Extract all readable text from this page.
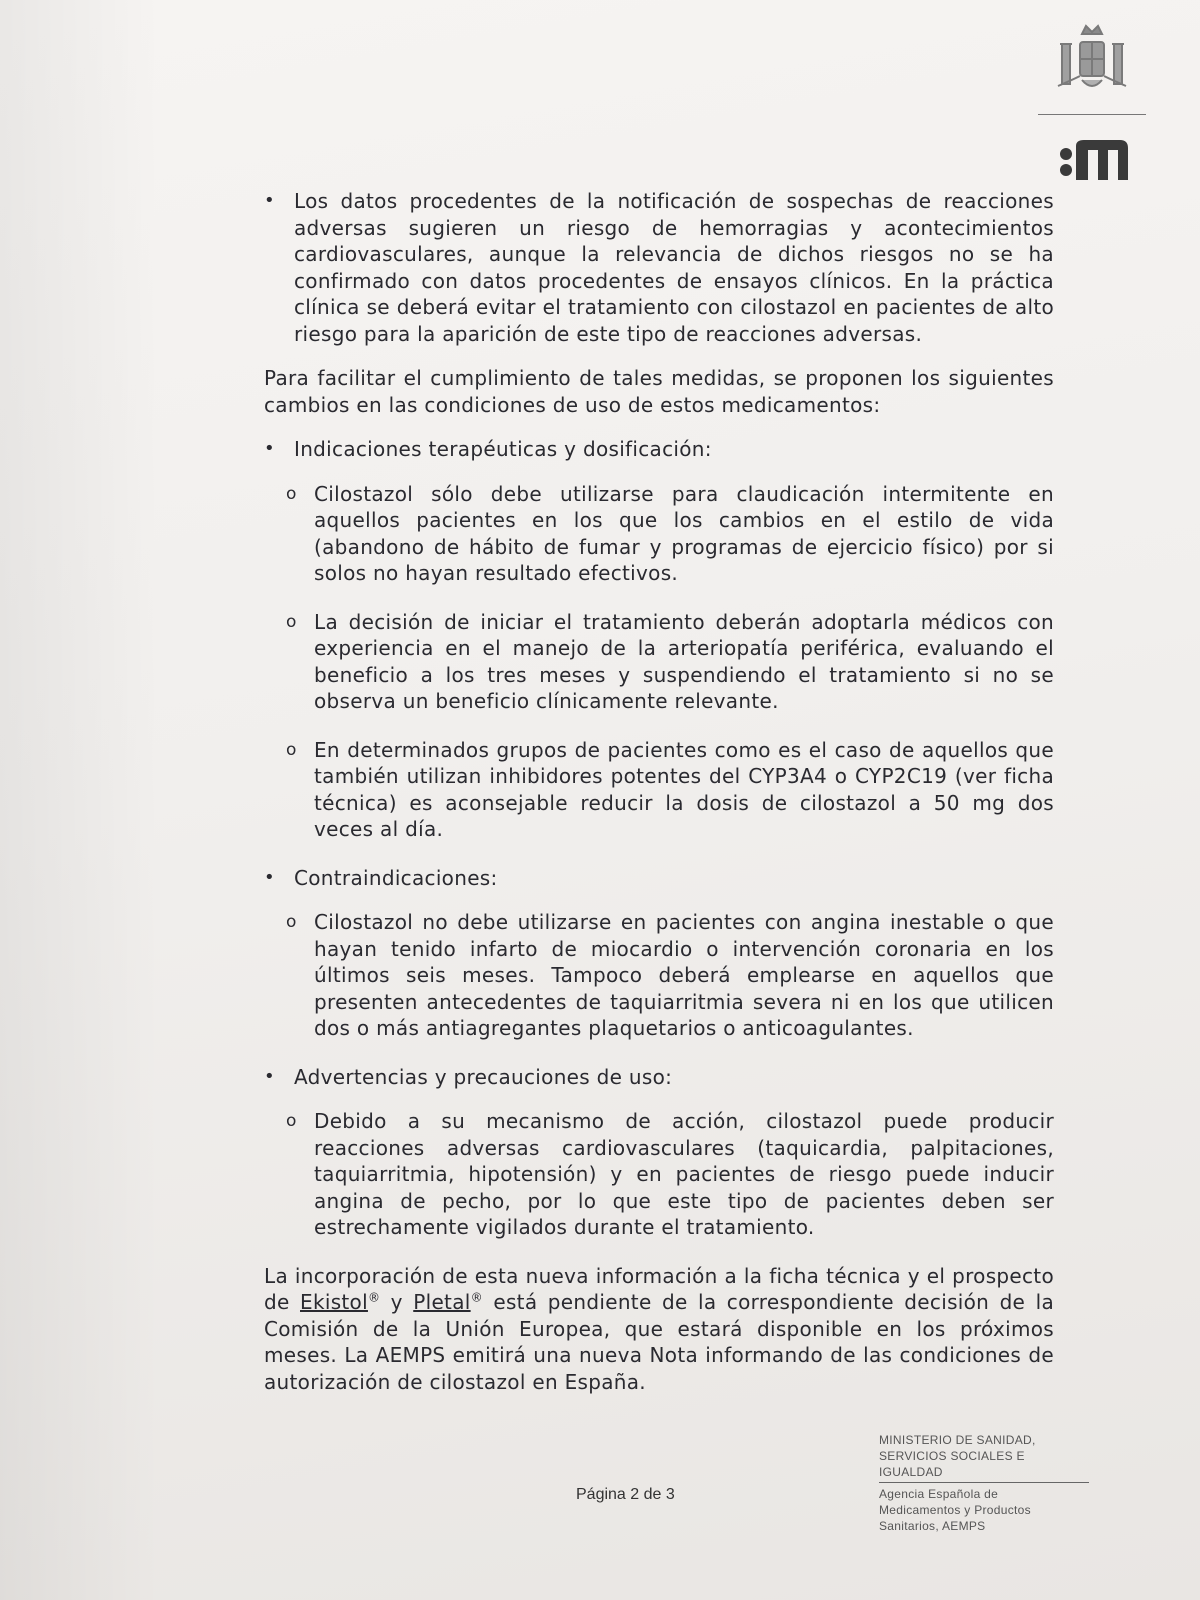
• Los datos procedentes de la notificación de sospechas de reacciones adversas sugieren un riesgo de hemorragias y acontecimientos cardiovasculares, aunque la relevancia de dichos riesgos no se ha confirmado con datos procedentes de ensayos clínicos. En la práctica clínica se deberá evitar el tratamiento con cilostazol en pacientes de alto riesgo para la aparición de este tipo de reacciones adversas.

Para facilitar el cumplimiento de tales medidas, se proponen los siguientes cambios en las condiciones de uso de estos medicamentos:

• Indicaciones terapéuticas y dosificación:

o Cilostazol sólo debe utilizarse para claudicación intermitente en aquellos pacientes en los que los cambios en el estilo de vida (abandono de hábito de fumar y programas de ejercicio físico) por si solos no hayan resultado efectivos.

o La decisión de iniciar el tratamiento deberán adoptarla médicos con experiencia en el manejo de la arteriopatía periférica, evaluando el beneficio a los tres meses y suspendiendo el tratamiento si no se observa un beneficio clínicamente relevante.

o En determinados grupos de pacientes como es el caso de aquellos que también utilizan inhibidores potentes del CYP3A4 o CYP2C19 (ver ficha técnica) es aconsejable reducir la dosis de cilostazol a 50 mg dos veces al día.

• Contraindicaciones:

o Cilostazol no debe utilizarse en pacientes con angina inestable o que hayan tenido infarto de miocardio o intervención coronaria en los últimos seis meses. Tampoco deberá emplearse en aquellos que presenten antecedentes de taquiarritmia severa ni en los que utilicen dos o más antiagregantes plaquetarios o anticoagulantes.

• Advertencias y precauciones de uso:

o Debido a su mecanismo de acción, cilostazol puede producir reacciones adversas cardiovasculares (taquicardia, palpitaciones, taquiarritmia, hipotensión) y en pacientes de riesgo puede inducir angina de pecho, por lo que este tipo de pacientes deben ser estrechamente vigilados durante el tratamiento.

La incorporación de esta nueva información a la ficha técnica y el prospecto de Ekistol® y Pletal® está pendiente de la correspondiente decisión de la Comisión de la Unión Europea, que estará disponible en los próximos meses. La AEMPS emitirá una nueva Nota informando de las condiciones de autorización de cilostazol en España.

Página 2 de 3
MINISTERIO DE SANIDAD,
SERVICIOS SOCIALES E
IGUALDAD
Agencia Española de
Medicamentos y Productos
Sanitarios, AEMPS
